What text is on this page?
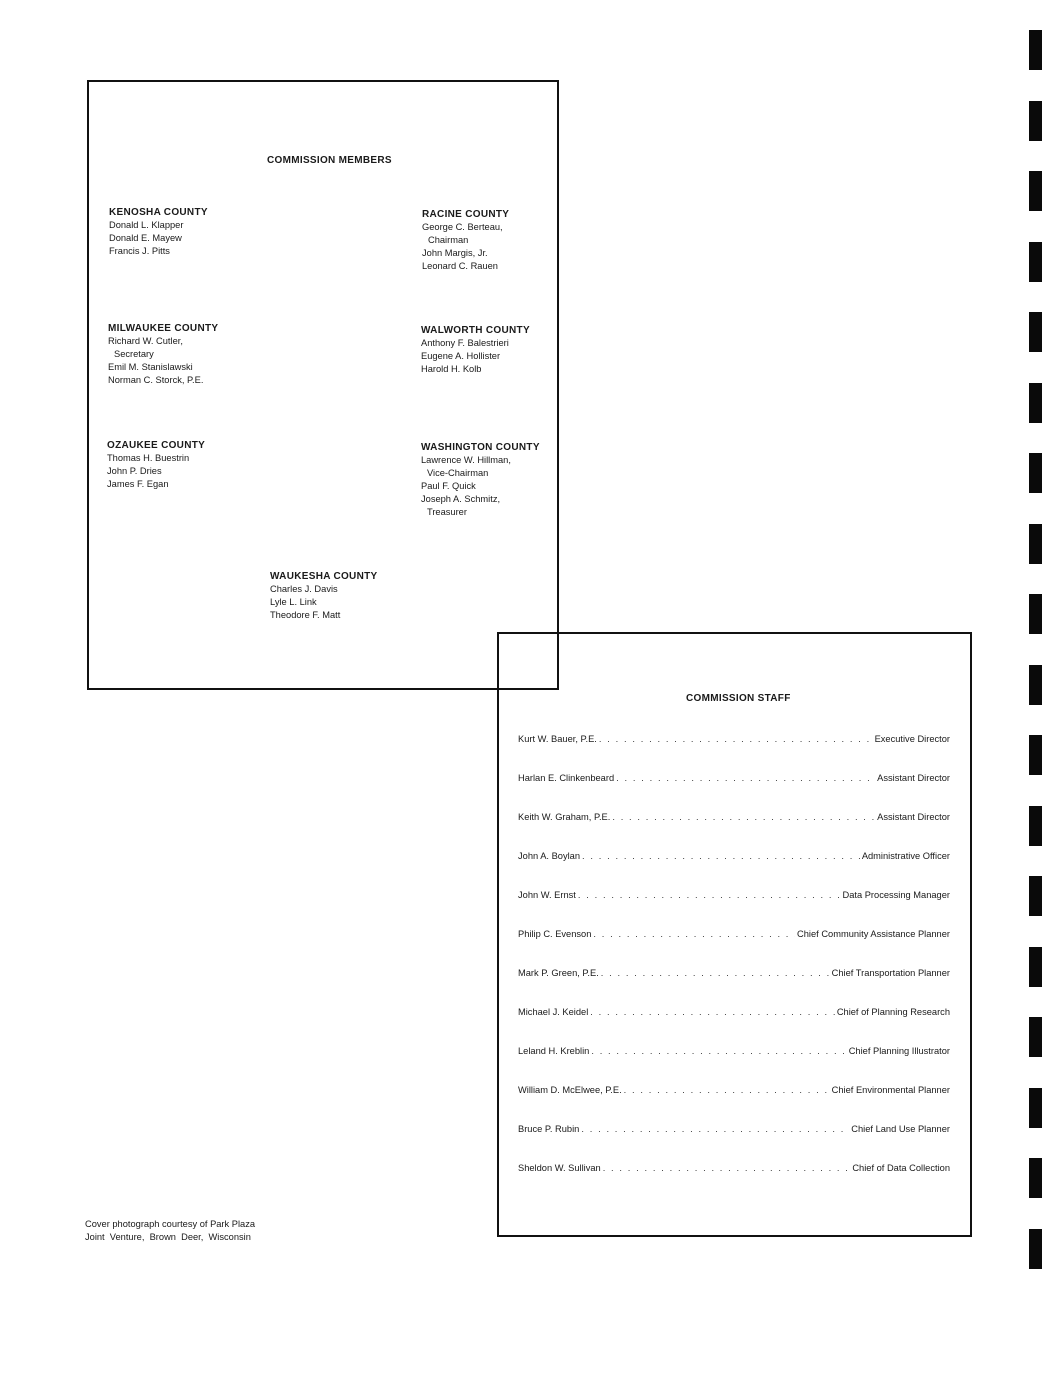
COMMISSION MEMBERS
KENOSHA COUNTY
Donald L. Klapper
Donald E. Mayew
Francis J. Pitts
RACINE COUNTY
George C. Berteau,
Chairman
John Margis, Jr.
Leonard C. Rauen
MILWAUKEE COUNTY
Richard W. Cutler,
Secretary
Emil M. Stanislawski
Norman C. Storck, P.E.
WALWORTH COUNTY
Anthony F. Balestrieri
Eugene A. Hollister
Harold H. Kolb
OZAUKEE COUNTY
Thomas H. Buestrin
John P. Dries
James F. Egan
WASHINGTON COUNTY
Lawrence W. Hillman,
Vice-Chairman
Paul F. Quick
Joseph A. Schmitz,
Treasurer
WAUKESHA COUNTY
Charles J. Davis
Lyle L. Link
Theodore F. Matt
COMMISSION STAFF
Kurt W. Bauer, P.E. . . .	Executive Director
Harlan E. Clinkenbeard . . .	Assistant Director
Keith W. Graham, P.E. . . .	Assistant Director
John A. Boylan . . .	Administrative Officer
John W. Ernst . . .	Data Processing Manager
Philip C. Evenson . . .	Chief Community Assistance Planner
Mark P. Green, P.E. . . .	Chief Transportation Planner
Michael J. Keidel . . .	Chief of Planning Research
Leland H. Kreblin . . .	Chief Planning Illustrator
William D. McElwee, P.E. . . .	Chief Environmental Planner
Bruce P. Rubin . . .	Chief Land Use Planner
Sheldon W. Sullivan . . .	Chief of Data Collection
Cover photograph courtesy of Park Plaza
Joint  Venture,  Brown  Deer,  Wisconsin
